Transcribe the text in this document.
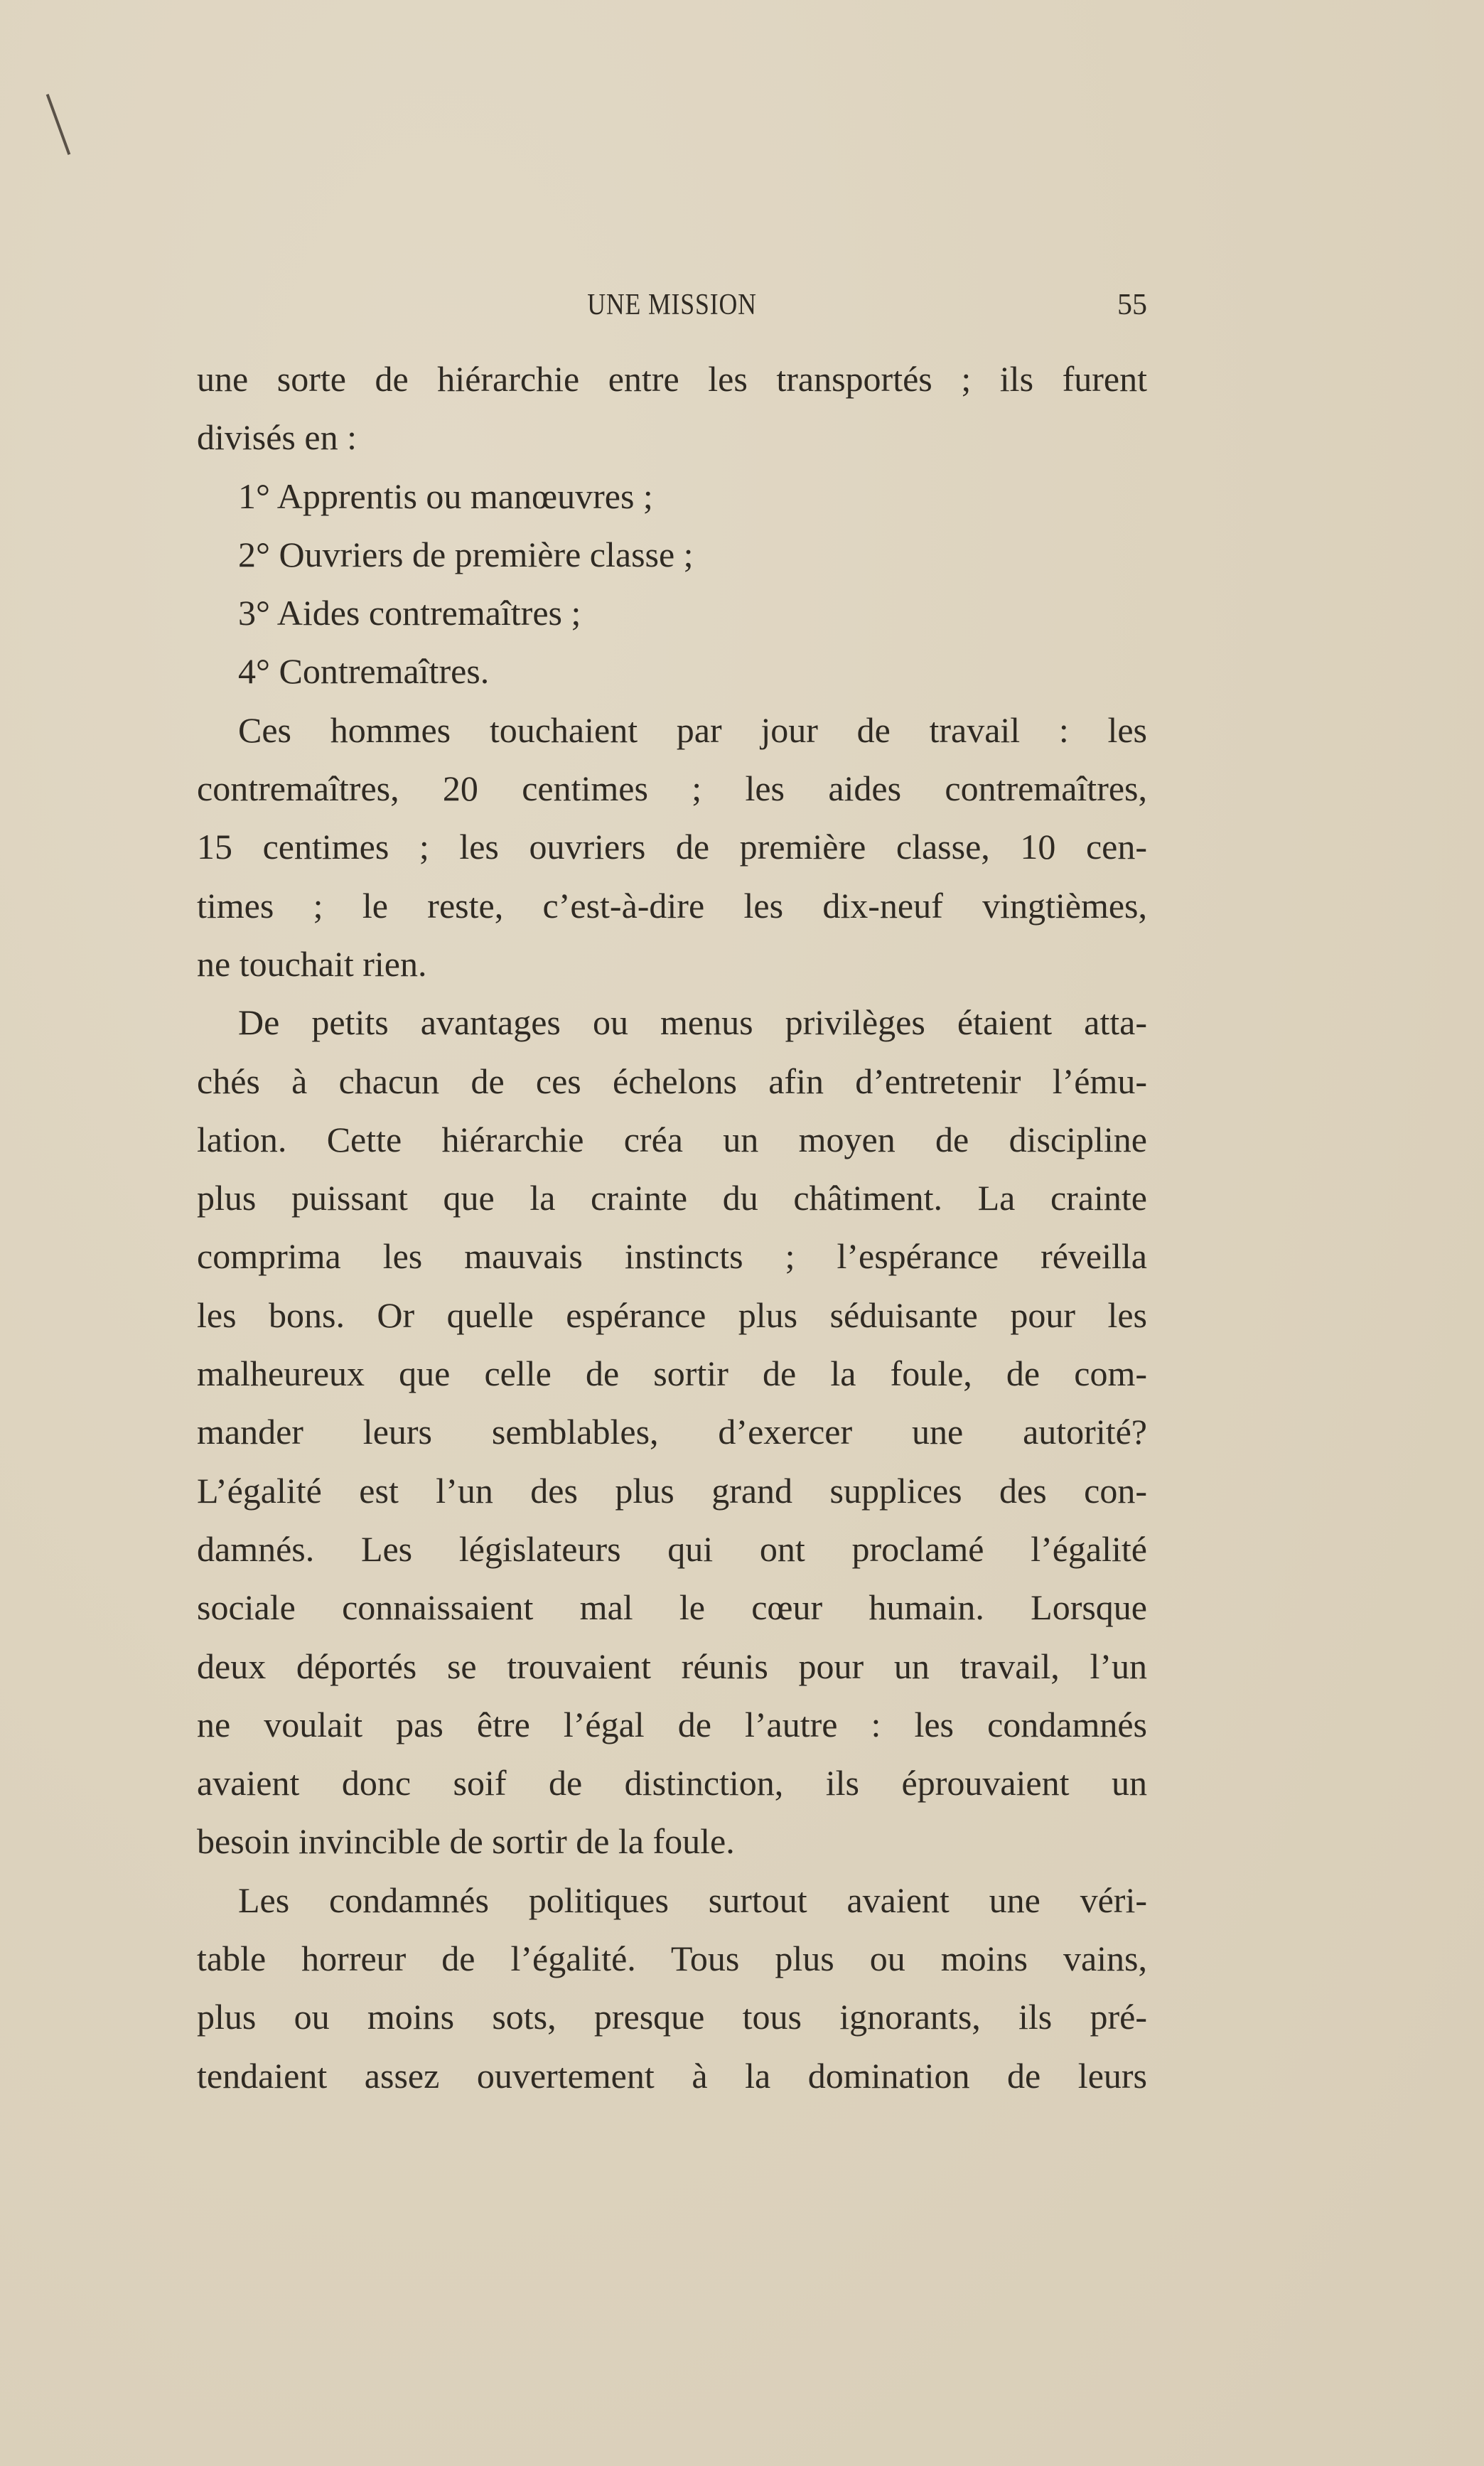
UNE MISSION	55
une sorte de hiérarchie entre les transportés ; ils furent
divisés en :
1° Apprentis ou manœuvres ;
2° Ouvriers de première classe ;
3° Aides contremaîtres ;
4° Contremaîtres.
Ces hommes touchaient par jour de travail : les
contremaîtres, 20 centimes ; les aides contremaîtres,
15 centimes ; les ouvriers de première classe, 10 cen-
times ; le reste, c’est-à-dire les dix-neuf vingtièmes,
ne touchait rien.
De petits avantages ou menus privilèges étaient atta-
chés à chacun de ces échelons afin d’entretenir l’ému-
lation. Cette hiérarchie créa un moyen de discipline
plus puissant que la crainte du châtiment. La crainte
comprima les mauvais instincts ; l’espérance réveilla
les bons. Or quelle espérance plus séduisante pour les
malheureux que celle de sortir de la foule, de com-
mander leurs semblables, d’exercer une autorité?
L’égalité est l’un des plus grand supplices des con-
damnés. Les législateurs qui ont proclamé l’égalité
sociale connaissaient mal le cœur humain. Lorsque
deux déportés se trouvaient réunis pour un travail, l’un
ne voulait pas être l’égal de l’autre : les condamnés
avaient donc soif de distinction, ils éprouvaient un
besoin invincible de sortir de la foule.
Les condamnés politiques surtout avaient une véri-
table horreur de l’égalité. Tous plus ou moins vains,
plus ou moins sots, presque tous ignorants, ils pré-
tendaient assez ouvertement à la domination de leurs
